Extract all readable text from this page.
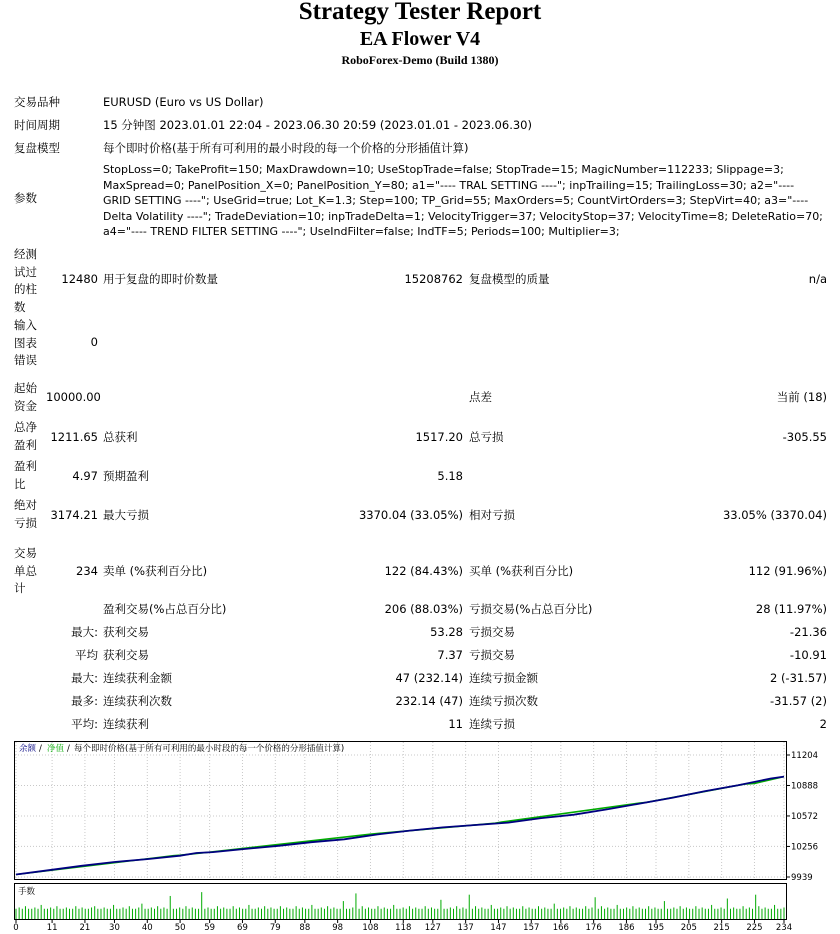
Strategy Tester Report
EA Flower V4
RoboForex-Demo (Build 1380)
交易品种	EURUSD (Euro vs US Dollar)
时间周期	15 分钟图 2023.01.01 22:04 - 2023.06.30 20:59 (2023.01.01 - 2023.06.30)
复盘模型	每个即时价格(基于所有可利用的最小时段的每一个价格的分形插值计算)
参数
StopLoss=0; TakeProfit=150; MaxDrawdown=10; UseStopTrade=false; StopTrade=15; MagicNumber=112233; Slippage=3; MaxSpread=0; PanelPosition_X=0; PanelPosition_Y=80; a1="---- TRAL SETTING ----"; inpTrailing=15; TrailingLoss=30; a2="---- GRID SETTING ----"; UseGrid=true; Lot_K=1.3; Step=100; TP_Grid=55; MaxOrders=5; CountVirtOrders=3; StepVirt=40; a3="---- Delta Volatility ----"; TradeDeviation=10; inpTradeDelta=1; VelocityTrigger=37; VelocityStop=37; VelocityTime=8; DeleteRatio=70; a4="---- TREND FILTER SETTING ----"; UseIndFilter=false; IndTF=5; Periods=100; Multiplier=3;
经测试过的柱数
12480 用于复盘的即时价数量	15208762 复盘模型的质量	n/a
输入图表错误
0
起始资金
10000.00	点差	当前 (18)
总净盈利
1211.65 总获利	1517.20 总亏损	-305.55
盈利比
4.97 预期盈利	5.18
绝对亏损
3174.21 最大亏损	3370.04 (33.05%) 相对亏损	33.05% (3370.04)
交易单总计
234 卖单 (%获利百分比)	122 (84.43%) 买单 (%获利百分比)	112 (91.96%)
盈利交易(%占总百分比)	206 (88.03%) 亏损交易(%占总百分比)	28 (11.97%)
最大: 获利交易	53.28 亏损交易	-21.36
平均 获利交易	7.37 亏损交易	-10.91
最大: 连续获利金额	47 (232.14) 连续亏损金额	2 (-31.57)
最多: 连续获利次数	232.14 (47) 连续亏损次数	-31.57 (2)
平均: 连续获利	11 连续亏损	2
11204
10888
10572
10256
9939
0	11	21 30	40	50 59	69	79 88	98 108 118 127 137 147 157 166 176 186 195 205 215 225 234
余额 / 净值 / 每个即时价格(基于所有可利用的最小时段的每一个价格的分形插值计算)
手数
